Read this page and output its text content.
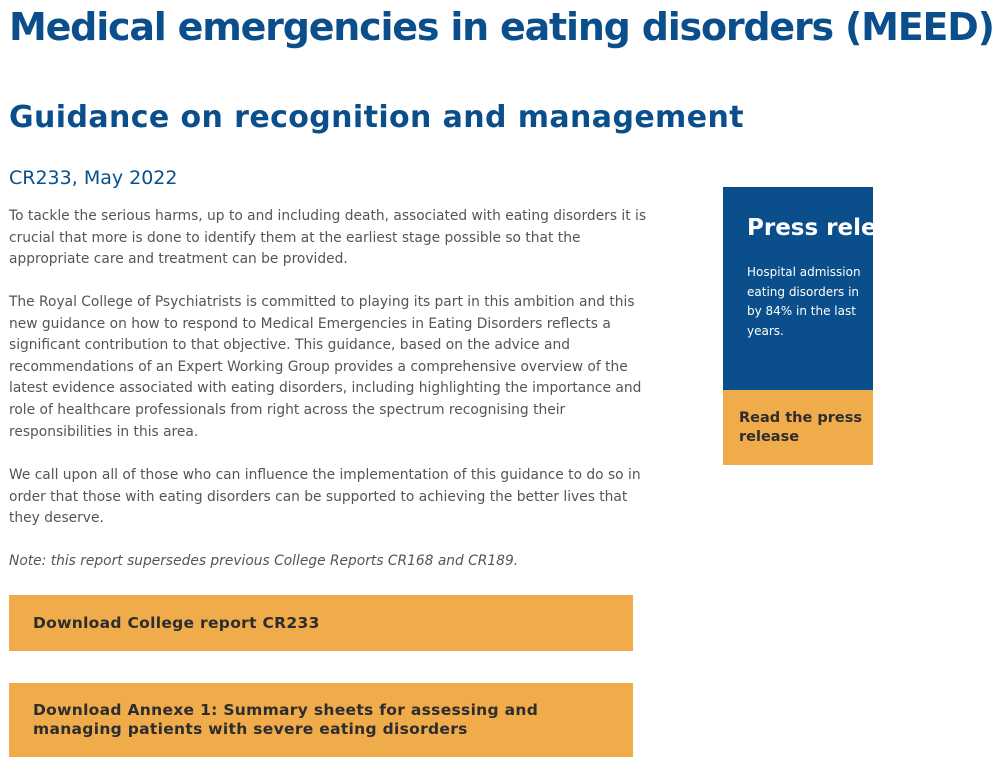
Medical emergencies in eating disorders (MEED)
Guidance on recognition and management
CR233, May 2022

To tackle the serious harms, up to and including death, associated with eating disorders it is crucial that more is done to identify them at the earliest stage possible so that the appropriate care and treatment can be provided.

The Royal College of Psychiatrists is committed to playing its part in this ambition and this new guidance on how to respond to Medical Emergencies in Eating Disorders reflects a significant contribution to that objective. This guidance, based on the advice and recommendations of an Expert Working Group provides a comprehensive overview of the latest evidence associated with eating disorders, including highlighting the importance and role of healthcare professionals from right across the spectrum recognising their responsibilities in this area.

We call upon all of those who can influence the implementation of this guidance to do so in order that those with eating disorders can be supported to achieving the better lives that they deserve.

Note: this report supersedes previous College Reports CR168 and CR189.

Download College report CR233
Download Annexe 1: Summary sheets for assessing and
managing patients with severe eating disorders
Press rele
Hospital admission
eating disorders in
by 84% in the last
years.
Read the press
release
